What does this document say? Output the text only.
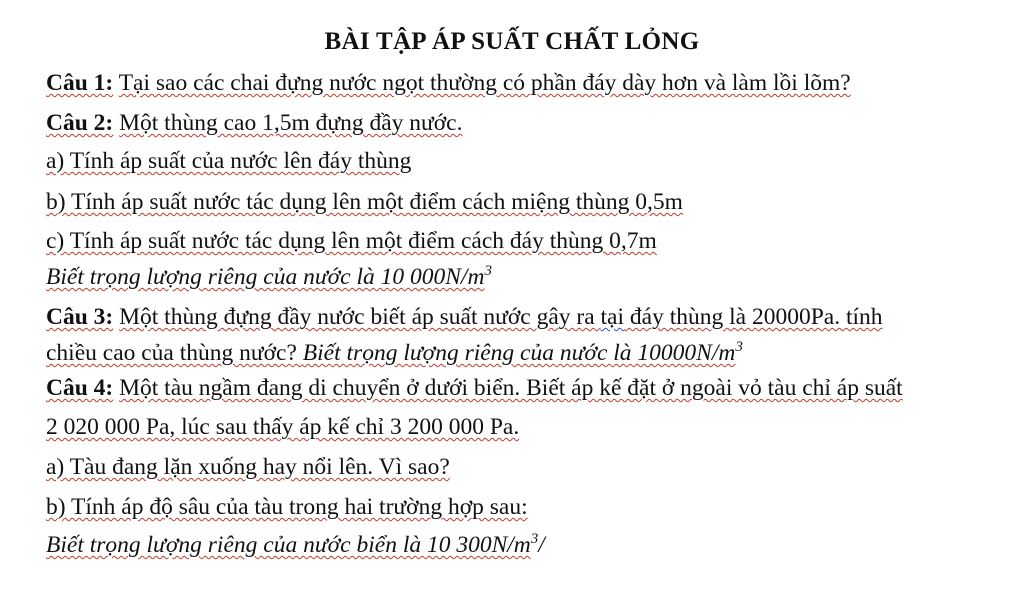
BÀI TẬP ÁP SUẤT CHẤT LỎNG
Câu 1: Tại sao các chai đựng nước ngọt thường có phần đáy dày hơn và làm lồi lõm?
Câu 2: Một thùng cao 1,5m đựng đầy nước.
a) Tính áp suất của nước lên đáy thùng
b) Tính áp suất nước tác dụng lên một điểm cách miệng thùng 0,5m
c) Tính áp suất nước tác dụng lên một điểm cách đáy thùng 0,7m
Biết trọng lượng riêng của nước là 10 $000N/m^3$
Câu 3: Một thùng đựng đầy nước biết áp suất nước gây ra tại đáy thùng là 20000Pa. tính
chiều cao của thùng nước? Biết trọng lượng riêng của nước là $10000N/m^3$
Câu 4: Một tàu ngầm đang di chuyển ở dưới biển. Biết áp kế đặt ở ngoài vỏ tàu chỉ áp suất
2 020 000 Pa, lúc sau thấy áp kế chỉ 3 200 000 Pa.
a) Tàu đang lặn xuống hay nổi lên. Vì sao?
b) Tính áp độ sâu của tàu trong hai trường hợp sau:
Biết trọng lượng riêng của nước biển là 10 $300N/m^3/$
